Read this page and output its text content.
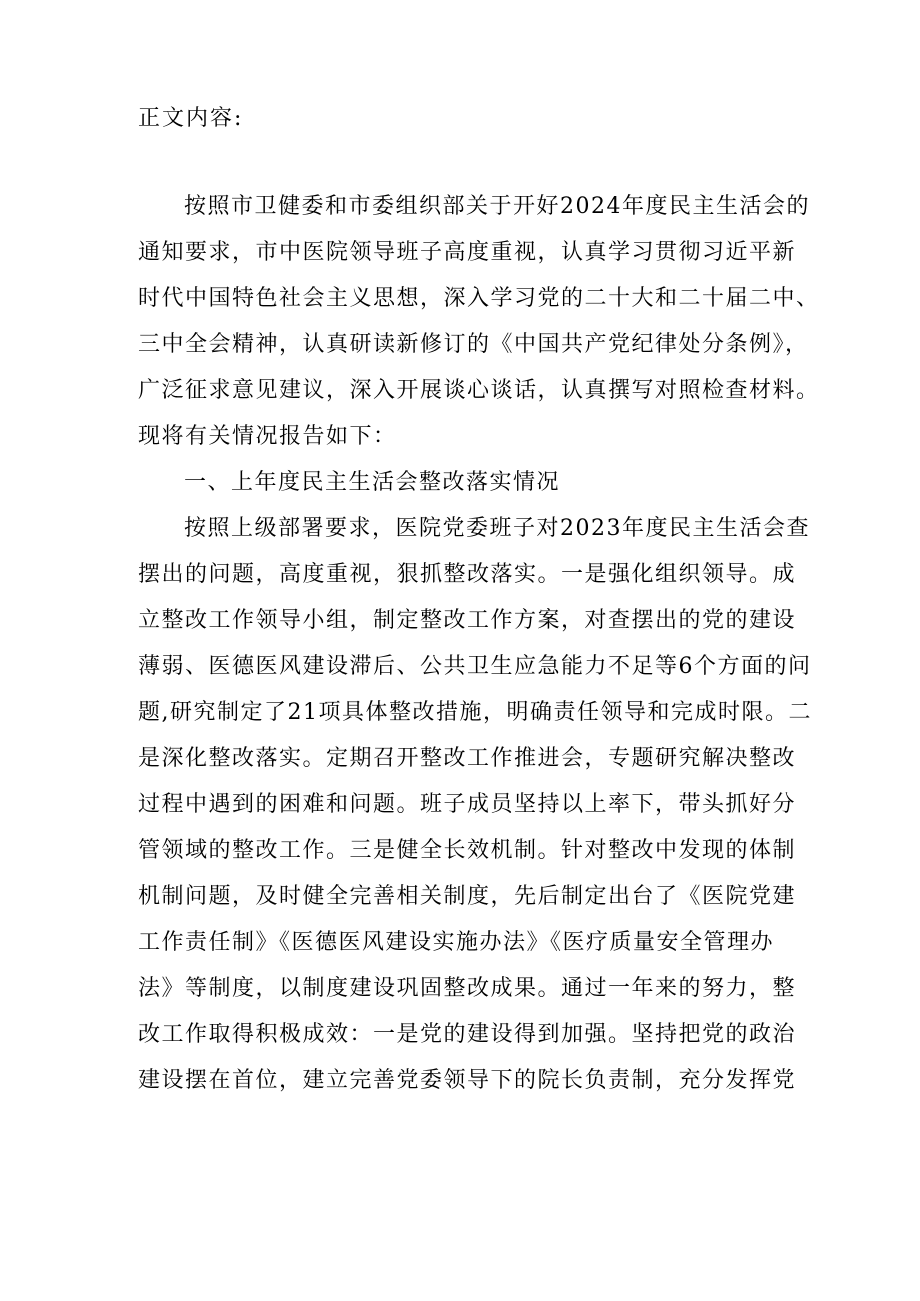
正文内容:

按照市卫健委和市委组织部关于开好2024年度民主生活会的
通知要求，市中医院领导班子高度重视，认真学习贯彻习近平新
时代中国特色社会主义思想，深入学习党的二十大和二十届二中、
三中全会精神，认真研读新修订的《中国共产党纪律处分条例》，
广泛征求意见建议，深入开展谈心谈话，认真撰写对照检查材料。
现将有关情况报告如下：
一、上年度民主生活会整改落实情况
按照上级部署要求，医院党委班子对2023年度民主生活会查
摆出的问题，高度重视，狠抓整改落实。一是强化组织领导。成
立整改工作领导小组，制定整改工作方案，对查摆出的党的建设
薄弱、医德医风建设滞后、公共卫生应急能力不足等6个方面的问
题,研究制定了21项具体整改措施，明确责任领导和完成时限。二
是深化整改落实。定期召开整改工作推进会，专题研究解决整改
过程中遇到的困难和问题。班子成员坚持以上率下，带头抓好分
管领域的整改工作。三是健全长效机制。针对整改中发现的体制
机制问题，及时健全完善相关制度，先后制定出台了《医院党建
工作责任制》《医德医风建设实施办法》《医疗质量安全管理办
法》等制度，以制度建设巩固整改成果。通过一年来的努力，整
改工作取得积极成效：一是党的建设得到加强。坚持把党的政治
建设摆在首位，建立完善党委领导下的院长负责制，充分发挥党
